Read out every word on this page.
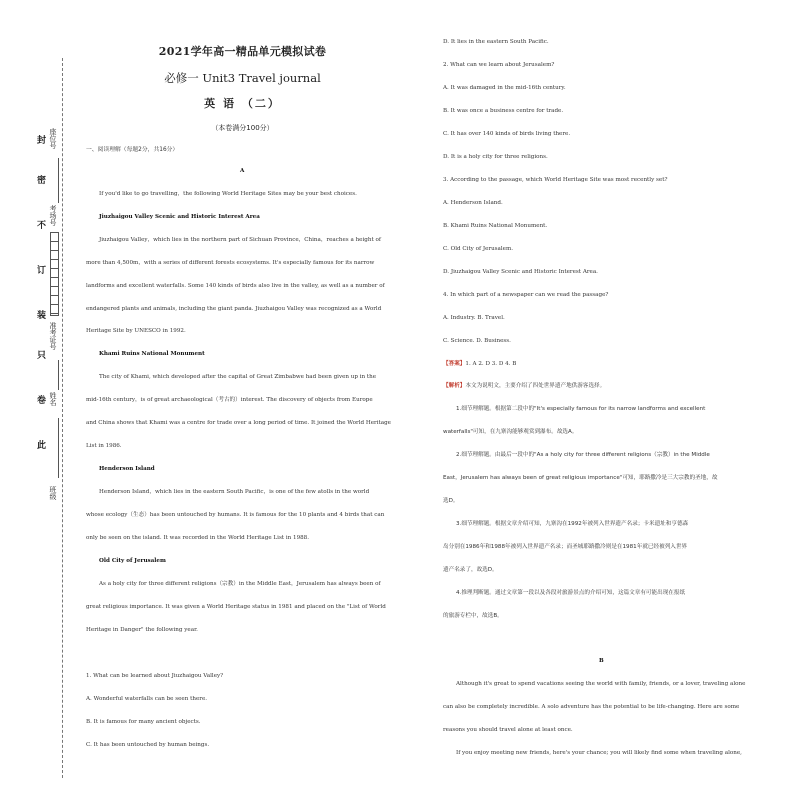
封
密
不
订
装
只
卷
此
座位号
考场号
准考证号
姓名
班级
2021学年高一精品单元模拟试卷
必修一 Unit3 Travel journal
英 语 （二）
（本卷满分100分）
一、阅读理解（每题2分，共16分）
A
If you'd like to go travelling，the following World Heritage Sites may be your best choices.
Jiuzhaigou Valley Scenic and Historic Interest Area
Jiuzhaigou Valley，which lies in the northern part of Sichuan Province，China，reaches a height of
more than 4,500m，with a series of different forests ecosystems. It's especially famous for its narrow
landforms and excellent waterfalls. Some 140 kinds of birds also live in the valley, as well as a number of
endangered plants and animals, including the giant panda. Jiuzhaigou Valley was recognized as a World
Heritage Site by UNESCO in 1992.
Khami Ruins National Monument
The city of Khami, which developed after the capital of Great Zimbabwe had been given up in the
mid-16th century，is of great archaeological（考古的）interest. The discovery of objects from Europe
and China shows that Khami was a centre for trade over a long period of time. It joined the World Heritage
List in 1986.
Henderson Island
Henderson Island，which lies in the eastern South Pacific，is one of the few atolls in the world
whose ecology（生态）has been untouched by humans. It is famous for the 10 plants and 4 birds that can
only be seen on the island. It was recorded in the World Heritage List in 1988.
Old City of Jerusalem
As a holy city for three different religions（宗教）in the Middle East，Jerusalem has always been of
great religious importance. It was given a World Heritage status in 1981 and placed on the "List of World
Heritage in Danger" the following year.
1. What can be learned about Jiuzhaigou Valley?
A. Wonderful waterfalls can be seen there.
B. It is famous for many ancient objects.
C. It has been untouched by human beings.
D. It lies in the eastern South Pacific.
2. What can we learn about Jerusalem?
A. It was damaged in the mid-16th century.
B. It was once a business centre for trade.
C. It has over 140 kinds of birds living there.
D. It is a holy city for three religions.
3. According to the passage, which World Heritage Site was most recently set?
A. Henderson Island.
B. Khami Ruins National Monument.
C. Old City of Jerusalem.
D. Jiuzhaigou Valley Scenic and Historic Interest Area.
4. In which part of a newspaper can we read the passage?
A. Industry. B. Travel.
C. Science. D. Business.
【答案】1. A 2. D 3. D 4. B
【解析】本文为说明文，主要介绍了四处世界遗产地供游客选择。
1.细节理解题。根据第二段中的"It's especially famous for its narrow landforms and excellent
waterfalls"可知，在九寨沟能够观赏到瀑布。故选A。
2.细节理解题。由最后一段中的"As a holy city for three different religions（宗教）in the Middle
East，Jerusalem has always been of great religious importance"可知，耶路撒冷是三大宗教的圣地，故
选D。
3.细节理解题。根据文章介绍可知，九寨沟在1992年被列入世界遗产名录；卡米遗址和亨德森
岛分别在1986年和1988年被列入世界遗产名录；而圣城耶路撒冷则是在1981年就已经被列入世界
遗产名录了，故选D。
4.推理判断题。通过文章第一段以及各段对旅游景点的介绍可知，这篇文章有可能出现在报纸
的旅游专栏中，故选B。
B
Although it's great to spend vacations seeing the world with family, friends, or a lover, traveling alone
can also be completely incredible. A solo adventure has the potential to be life-changing. Here are some
reasons you should travel alone at least once.
If you enjoy meeting new friends, here's your chance; you will likely find some when traveling alone,
